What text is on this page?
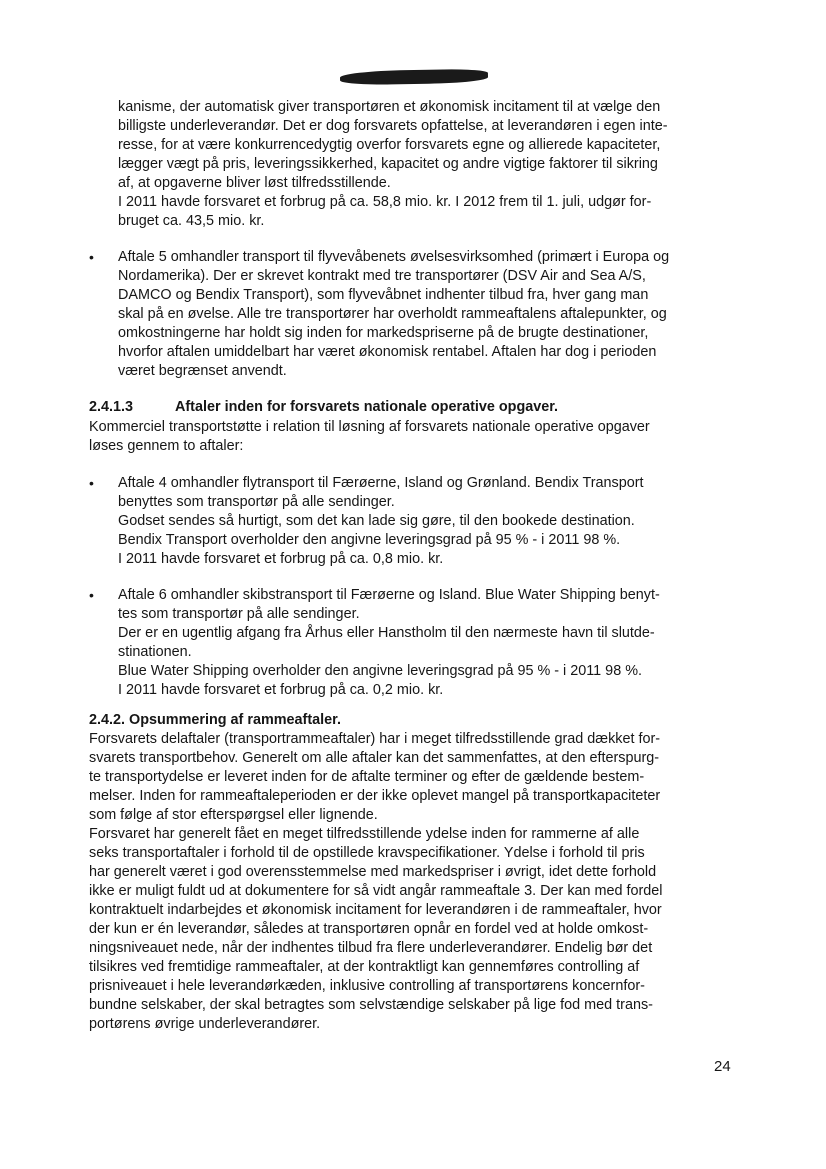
kanisme, der automatisk giver transportøren et økonomisk incitament til at vælge den
billigste underleverandør. Det er dog forsvarets opfattelse, at leverandøren i egen inte-
resse, for at være konkurrencedygtig overfor forsvarets egne og allierede kapaciteter,
lægger vægt på pris, leveringssikkerhed, kapacitet og andre vigtige faktorer til sikring
af, at opgaverne bliver løst tilfredsstillende.
I 2011 havde forsvaret et forbrug på ca. 58,8 mio. kr. I 2012 frem til 1. juli, udgør for-
bruget ca. 43,5 mio. kr.
• Aftale 5 omhandler transport til flyvevåbenets øvelsesvirksomhed (primært i Europa og
Nordamerika). Der er skrevet kontrakt med tre transportører (DSV Air and Sea A/S,
DAMCO og Bendix Transport), som flyvevåbnet indhenter tilbud fra, hver gang man
skal på en øvelse. Alle tre transportører har overholdt rammeaftalens aftalepunkter, og
omkostningerne har holdt sig inden for markedspriserne på de brugte destinationer,
hvorfor aftalen umiddelbart har været økonomisk rentabel. Aftalen har dog i perioden
været begrænset anvendt.
2.4.1.3	Aftaler inden for forsvarets nationale operative opgaver.
Kommerciel transportstøtte i relation til løsning af forsvarets nationale operative opgaver
løses gennem to aftaler:
• Aftale 4 omhandler flytransport til Færøerne, Island og Grønland. Bendix Transport
benyttes som transportør på alle sendinger.
Godset sendes så hurtigt, som det kan lade sig gøre, til den bookede destination.
Bendix Transport overholder den angivne leveringsgrad på 95 % - i 2011 98 %.
I 2011 havde forsvaret et forbrug på ca. 0,8 mio. kr.
• Aftale 6 omhandler skibstransport til Færøerne og Island. Blue Water Shipping benyt-
tes som transportør på alle sendinger.
Der er en ugentlig afgang fra Århus eller Hanstholm til den nærmeste havn til slutde-
stinationen.
Blue Water Shipping overholder den angivne leveringsgrad på 95 % - i 2011 98 %.
I 2011 havde forsvaret et forbrug på ca. 0,2 mio. kr.
2.4.2. Opsummering af rammeaftaler.
Forsvarets delaftaler (transportrammeaftaler) har i meget tilfredsstillende grad dækket for-
svarets transportbehov. Generelt om alle aftaler kan det sammenfattes, at den efterspurg-
te transportydelse er leveret inden for de aftalte terminer og efter de gældende bestem-
melser. Inden for rammeaftaleperioden er der ikke oplevet mangel på transportkapaciteter
som følge af stor efterspørgsel eller lignende.
Forsvaret har generelt fået en meget tilfredsstillende ydelse inden for rammerne af alle
seks transportaftaler i forhold til de opstillede kravspecifikationer. Ydelse i forhold til pris
har generelt været i god overensstemmelse med markedspriser i øvrigt, idet dette forhold
ikke er muligt fuldt ud at dokumentere for så vidt angår rammeaftale 3. Der kan med fordel
kontraktuelt indarbejdes et økonomisk incitament for leverandøren i de rammeaftaler, hvor
der kun er én leverandør, således at transportøren opnår en fordel ved at holde omkost-
ningsniveauet nede, når der indhentes tilbud fra flere underleverandører. Endelig bør det
tilsikres ved fremtidige rammeaftaler, at der kontraktligt kan gennemføres controlling af
prisniveauet i hele leverandørkæden, inklusive controlling af transportørens koncernfor-
bundne selskaber, der skal betragtes som selvstændige selskaber på lige fod med trans-
portørens øvrige underleverandører.
24
